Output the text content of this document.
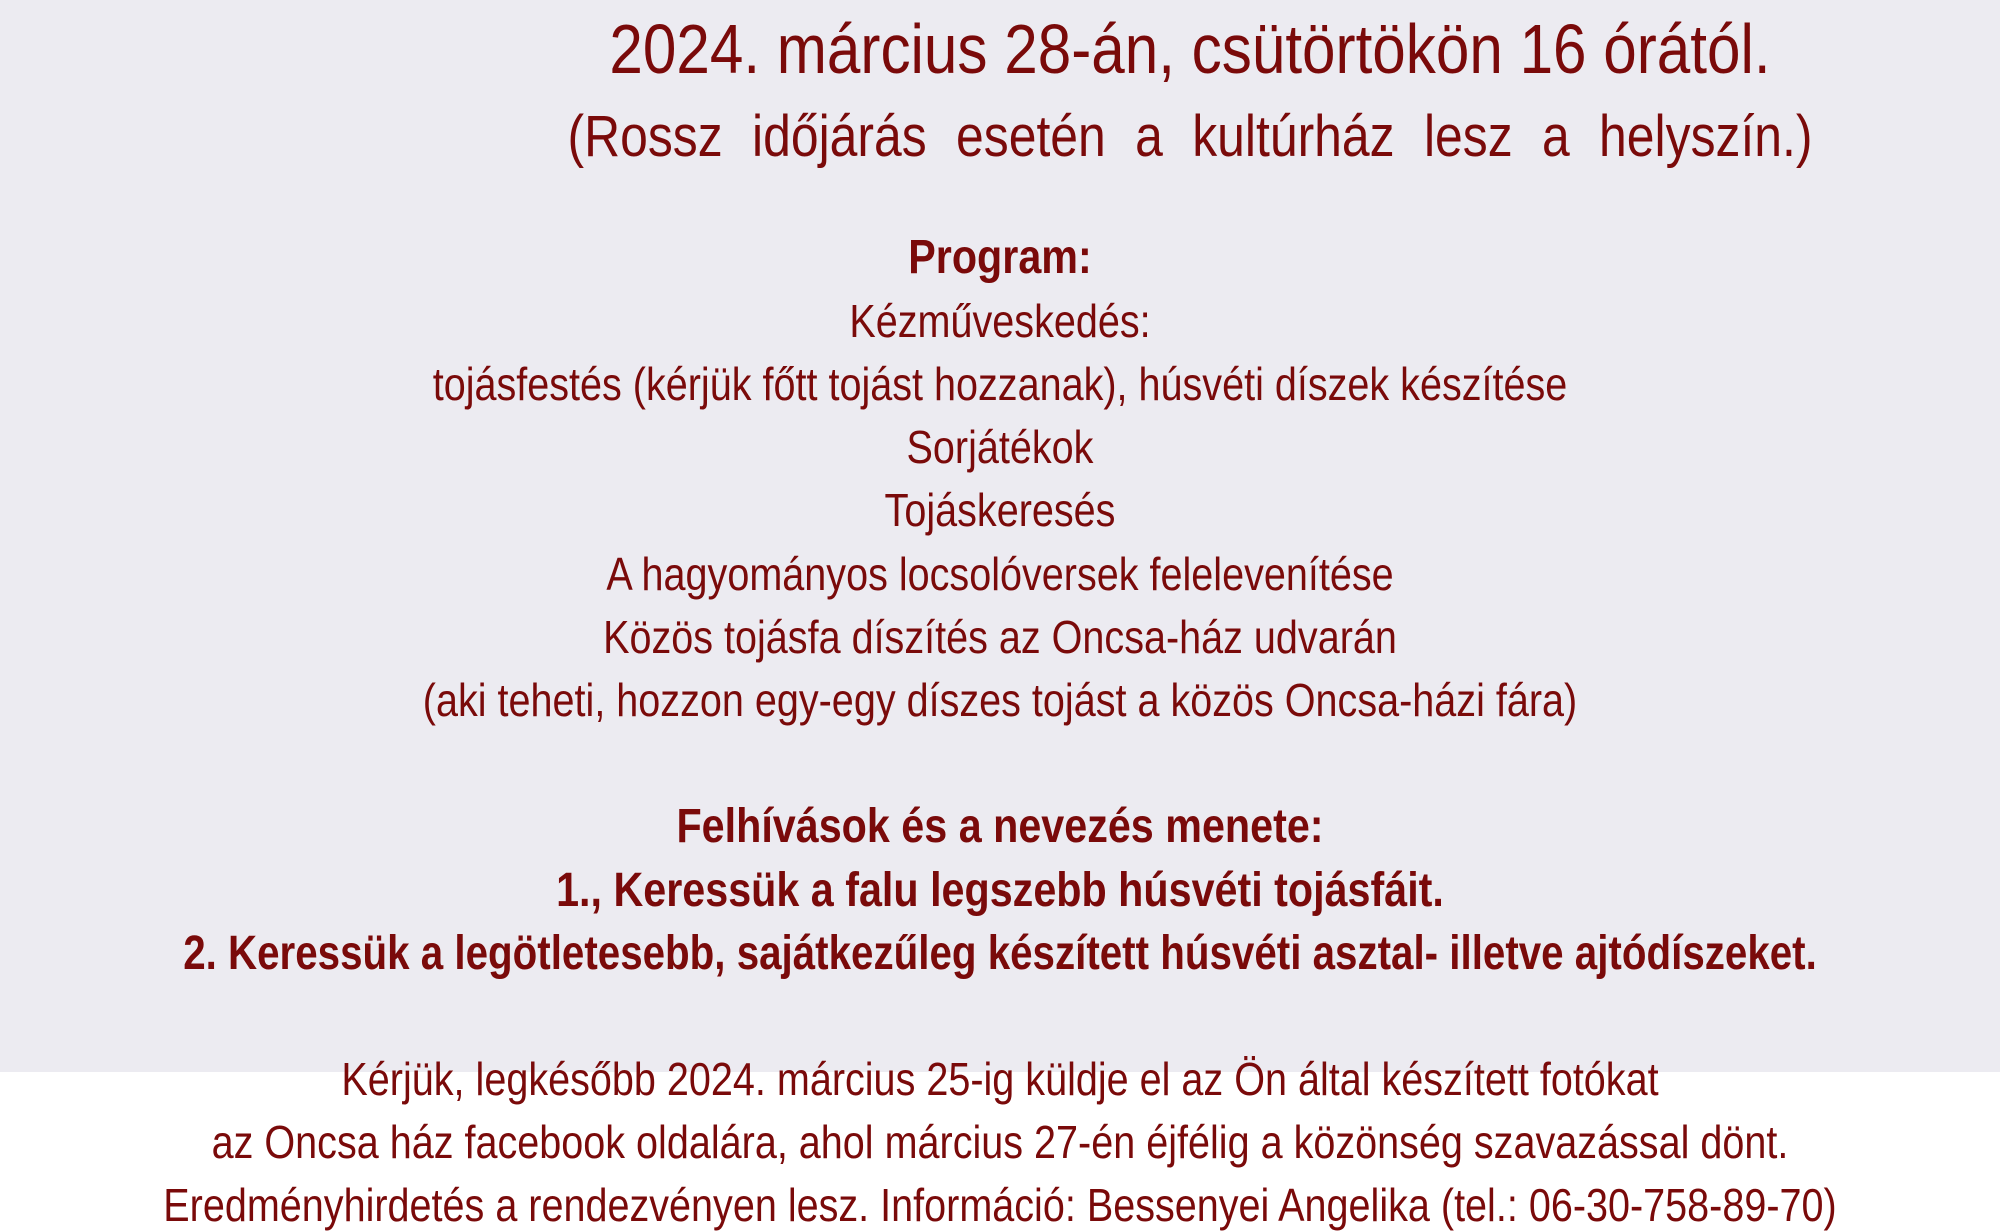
2024. március 28-án, csütörtökön 16 órától.
(Rossz időjárás esetén a kultúrház lesz a helyszín.)
Program:
Kézműveskedés:
tojásfestés (kérjük főtt tojást hozzanak), húsvéti díszek készítése
Sorjátékok
Tojáskeresés
A hagyományos locsolóversek felelevenítése
Közös tojásfa díszítés az Oncsa-ház udvarán
(aki teheti, hozzon egy-egy díszes tojást a közös Oncsa-házi fára)
Felhívások és a nevezés menete:
1., Keressük a falu legszebb húsvéti tojásfáit.
2. Keressük a legötletesebb, sajátkezűleg készített húsvéti asztal- illetve ajtódíszeket.
Kérjük, legkésőbb 2024. március 25-ig küldje el az Ön által készített fotókat
az Oncsa ház facebook oldalára, ahol március 27-én éjfélig a közönség szavazással dönt.
Eredményhirdetés a rendezvényen lesz. Információ: Bessenyei Angelika (tel.: 06-30-758-89-70)
